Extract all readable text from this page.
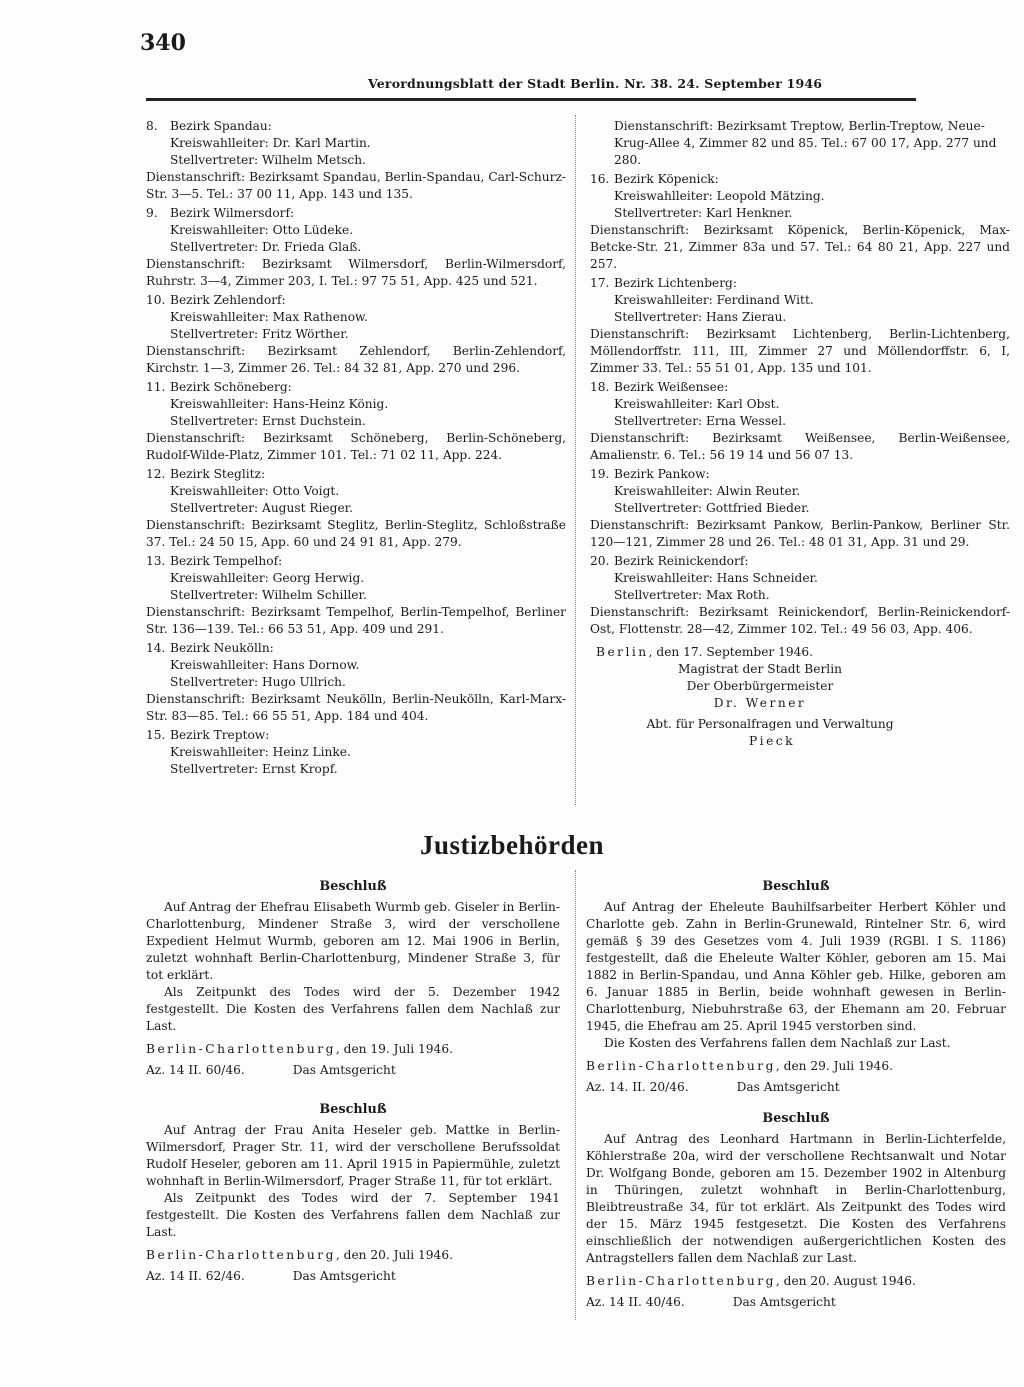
340
Verordnungsblatt der Stadt Berlin. Nr. 38. 24. September 1946
8. Bezirk Spandau:
Kreiswahlleiter: Dr. Karl Martin.
Stellvertreter: Wilhelm Metsch.
Dienstanschrift: Bezirksamt Spandau, Berlin-Spandau, Carl-Schurz-Str. 3—5. Tel.: 37 00 11, App. 143 und 135.
9. Bezirk Wilmersdorf:
Kreiswahlleiter: Otto Lüdeke.
Stellvertreter: Dr. Frieda Glaß.
Dienstanschrift: Bezirksamt Wilmersdorf, Berlin-Wilmersdorf, Ruhrstr. 3—4, Zimmer 203, I. Tel.: 97 75 51, App. 425 und 521.
10. Bezirk Zehlendorf:
Kreiswahlleiter: Max Rathenow.
Stellvertreter: Fritz Wörther.
Dienstanschrift: Bezirksamt Zehlendorf, Berlin-Zehlendorf, Kirchstr. 1—3, Zimmer 26. Tel.: 84 32 81, App. 270 und 296.
11. Bezirk Schöneberg:
Kreiswahlleiter: Hans-Heinz König.
Stellvertreter: Ernst Duchstein.
Dienstanschrift: Bezirksamt Schöneberg, Berlin-Schöneberg, Rudolf-Wilde-Platz, Zimmer 101. Tel.: 71 02 11, App. 224.
12. Bezirk Steglitz:
Kreiswahlleiter: Otto Voigt.
Stellvertreter: August Rieger.
Dienstanschrift: Bezirksamt Steglitz, Berlin-Steglitz, Schloßstraße 37. Tel.: 24 50 15, App. 60 und 24 91 81, App. 279.
13. Bezirk Tempelhof:
Kreiswahlleiter: Georg Herwig.
Stellvertreter: Wilhelm Schiller.
Dienstanschrift: Bezirksamt Tempelhof, Berlin-Tempelhof, Berliner Str. 136—139. Tel.: 66 53 51, App. 409 und 291.
14. Bezirk Neukölln:
Kreiswahlleiter: Hans Dornow.
Stellvertreter: Hugo Ullrich.
Dienstanschrift: Bezirksamt Neukölln, Berlin-Neukölln, Karl-Marx-Str. 83—85. Tel.: 66 55 51, App. 184 und 404.
15. Bezirk Treptow:
Kreiswahlleiter: Heinz Linke.
Stellvertreter: Ernst Kropf.
Dienstanschrift: Bezirksamt Treptow, Berlin-Treptow, Neue-Krug-Allee 4, Zimmer 82 und 85. Tel.: 67 00 17, App. 277 und 280.
16. Bezirk Köpenick:
Kreiswahlleiter: Leopold Mätzing.
Stellvertreter: Karl Henkner.
Dienstanschrift: Bezirksamt Köpenick, Berlin-Köpenick, Max-Betcke-Str. 21, Zimmer 83a und 57. Tel.: 64 80 21, App. 227 und 257.
17. Bezirk Lichtenberg:
Kreiswahlleiter: Ferdinand Witt.
Stellvertreter: Hans Zierau.
Dienstanschrift: Bezirksamt Lichtenberg, Berlin-Lichtenberg, Möllendorffstr. 111, III, Zimmer 27 und Möllendorffstr. 6, I, Zimmer 33. Tel.: 55 51 01, App. 135 und 101.
18. Bezirk Weißensee:
Kreiswahlleiter: Karl Obst.
Stellvertreter: Erna Wessel.
Dienstanschrift: Bezirksamt Weißensee, Berlin-Weißensee, Amalienstr. 6. Tel.: 56 19 14 und 56 07 13.
19. Bezirk Pankow:
Kreiswahlleiter: Alwin Reuter.
Stellvertreter: Gottfried Bieder.
Dienstanschrift: Bezirksamt Pankow, Berlin-Pankow, Berliner Str. 120—121, Zimmer 28 und 26. Tel.: 48 01 31, App. 31 und 29.
20. Bezirk Reinickendorf:
Kreiswahlleiter: Hans Schneider.
Stellvertreter: Max Roth.
Dienstanschrift: Bezirksamt Reinickendorf, Berlin-Reinickendorf-Ost, Flottenstr. 28—42, Zimmer 102. Tel.: 49 56 03, App. 406.
Berlin, den 17. September 1946.
Magistrat der Stadt Berlin
Der Oberbürgermeister
Dr. Werner
Abt. für Personalfragen und Verwaltung
Pieck
Justizbehörden
Beschluß

Auf Antrag der Ehefrau Elisabeth Wurmb geb. Giseler in Berlin-Charlottenburg, Mindener Straße 3, wird der verschollene Expedient Helmut Wurmb, geboren am 12. Mai 1906 in Berlin, zuletzt wohnhaft Berlin-Charlottenburg, Mindener Straße 3, für tot erklärt.

Als Zeitpunkt des Todes wird der 5. Dezember 1942 festgestellt. Die Kosten des Verfahrens fallen dem Nachlaß zur Last.

Berlin-Charlottenburg, den 19. Juli 1946.
Az. 14 II. 60/46.	Das Amtsgericht
Beschluß

Auf Antrag der Frau Anita Heseler geb. Mattke in Berlin-Wilmersdorf, Prager Str. 11, wird der verschollene Berufssoldat Rudolf Heseler, geboren am 11. April 1915 in Papiermühle, zuletzt wohnhaft in Berlin-Wilmersdorf, Prager Straße 11, für tot erklärt.

Als Zeitpunkt des Todes wird der 7. September 1941 festgestellt. Die Kosten des Verfahrens fallen dem Nachlaß zur Last.

Berlin-Charlottenburg, den 20. Juli 1946.
Az. 14 II. 62/46.	Das Amtsgericht
Beschluß

Auf Antrag der Eheleute Bauhilfsarbeiter Herbert Köhler und Charlotte geb. Zahn in Berlin-Grunewald, Rintelner Str. 6, wird gemäß § 39 des Gesetzes vom 4. Juli 1939 (RGBl. I S. 1186) festgestellt, daß die Eheleute Walter Köhler, geboren am 15. Mai 1882 in Berlin-Spandau, und Anna Köhler geb. Hilke, geboren am 6. Januar 1885 in Berlin, beide wohnhaft gewesen in Berlin-Charlottenburg, Niebuhrstraße 63, der Ehemann am 20. Februar 1945, die Ehefrau am 25. April 1945 verstorben sind.

Die Kosten des Verfahrens fallen dem Nachlaß zur Last.

Berlin-Charlottenburg, den 29. Juli 1946.
Az. 14. II. 20/46.	Das Amtsgericht
Beschluß

Auf Antrag des Leonhard Hartmann in Berlin-Lichterfelde, Köhlerstraße 20a, wird der verschollene Rechtsanwalt und Notar Dr. Wolfgang Bonde, geboren am 15. Dezember 1902 in Altenburg in Thüringen, zuletzt wohnhaft in Berlin-Charlottenburg, Bleibtreustraße 34, für tot erklärt. Als Zeitpunkt des Todes wird der 15. März 1945 festgesetzt. Die Kosten des Verfahrens einschließlich der notwendigen außergerichtlichen Kosten des Antragstellers fallen dem Nachlaß zur Last.

Berlin-Charlottenburg, den 20. August 1946.
Az. 14 II. 40/46.	Das Amtsgericht
